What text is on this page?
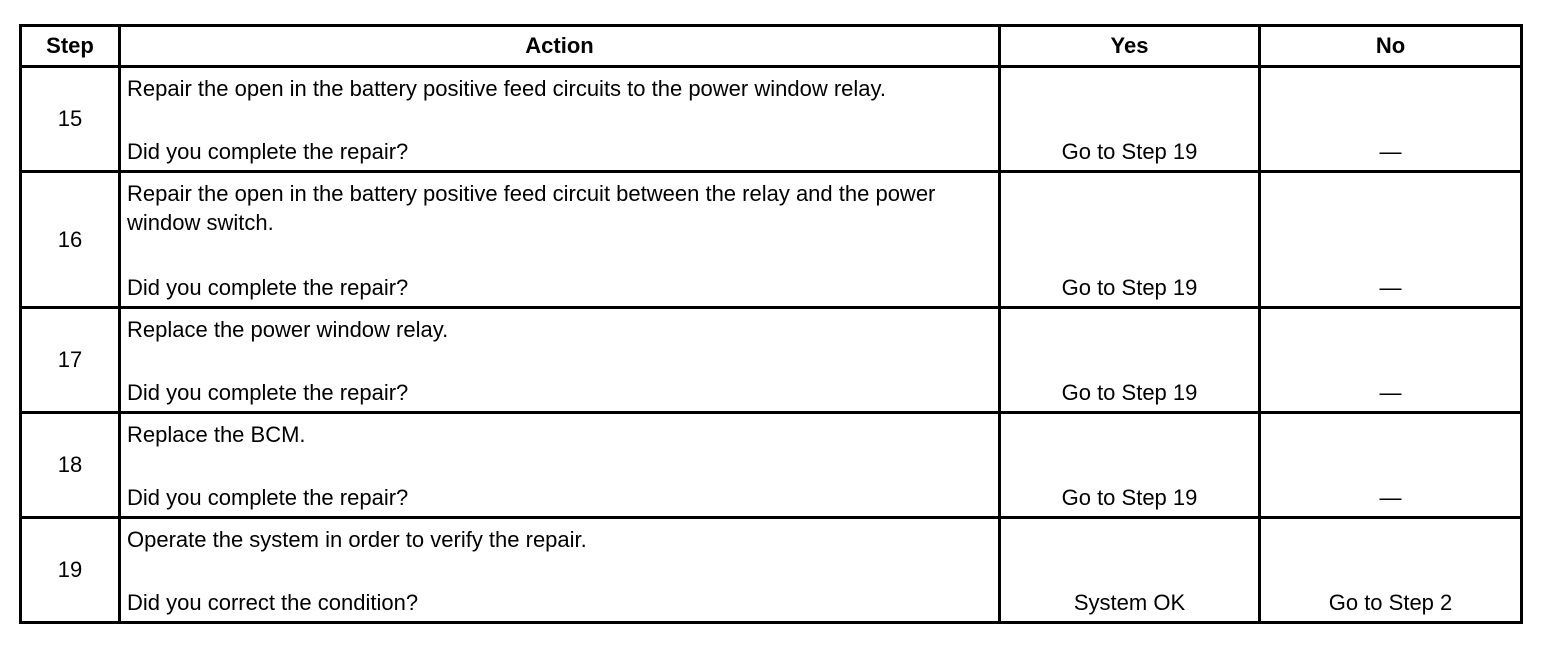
Step	Action	Yes	No
15	Repair the open in the battery positive feed circuits to the power window relay.
Did you complete the repair?	Go to Step 19	—

16	Repair the open in the battery positive feed circuit between the relay and the power window switch.
Did you complete the repair?	Go to Step 19	—

17	Replace the power window relay.
Did you complete the repair?	Go to Step 19	—

18	Replace the BCM.
Did you complete the repair?	Go to Step 19	—

19	Operate the system in order to verify the repair.
Did you correct the condition?	System OK	Go to Step 2
